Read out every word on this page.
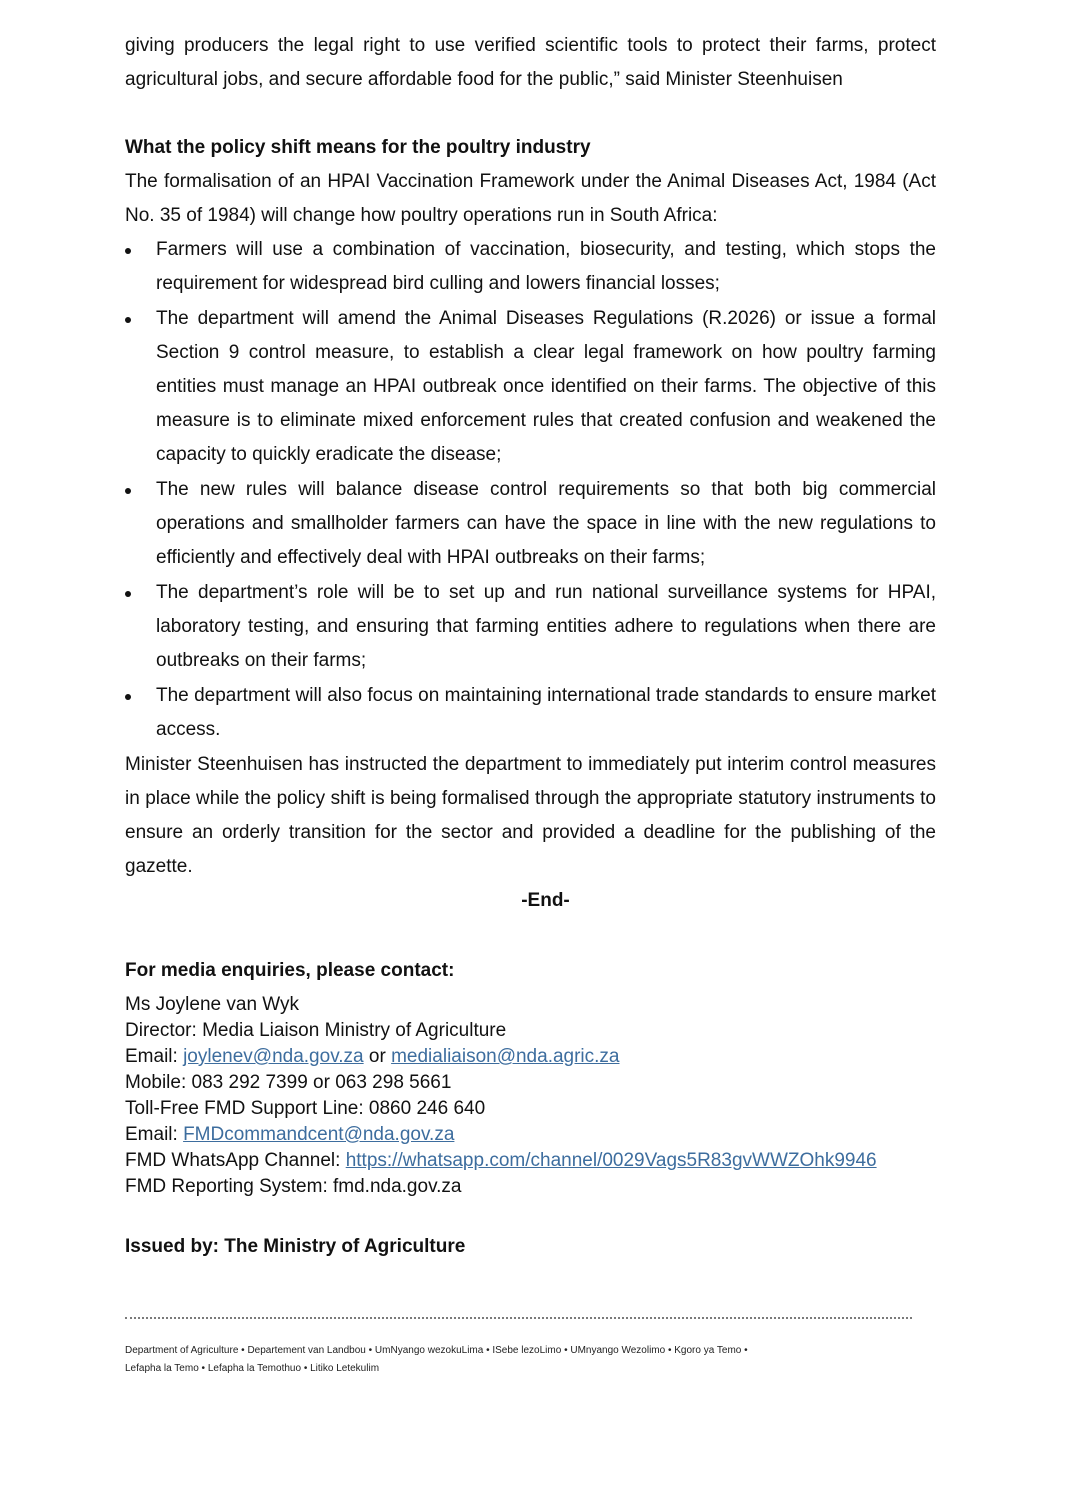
giving producers the legal right to use verified scientific tools to protect their farms, protect agricultural jobs, and secure affordable food for the public,” said Minister Steenhuisen

What the policy shift means for the poultry industry

The formalisation of an HPAI Vaccination Framework under the Animal Diseases Act, 1984 (Act No. 35 of 1984) will change how poultry operations run in South Africa:

Farmers will use a combination of vaccination, biosecurity, and testing, which stops the requirement for widespread bird culling and lowers financial losses;
The department will amend the Animal Diseases Regulations (R.2026) or issue a formal Section 9 control measure, to establish a clear legal framework on how poultry farming entities must manage an HPAI outbreak once identified on their farms. The objective of this measure is to eliminate mixed enforcement rules that created confusion and weakened the capacity to quickly eradicate the disease;
The new rules will balance disease control requirements so that both big commercial operations and smallholder farmers can have the space in line with the new regulations to efficiently and effectively deal with HPAI outbreaks on their farms;
The department’s role will be to set up and run national surveillance systems for HPAI, laboratory testing, and ensuring that farming entities adhere to regulations when there are outbreaks on their farms;
The department will also focus on maintaining international trade standards to ensure market access.

Minister Steenhuisen has instructed the department to immediately put interim control measures in place while the policy shift is being formalised through the appropriate statutory instruments to ensure an orderly transition for the sector and provided a deadline for the publishing of the gazette.

-End-

For media enquiries, please contact:
Ms Joylene van Wyk
Director: Media Liaison Ministry of Agriculture
Email: joylenev@nda.gov.za or medialiaison@nda.agric.za
Mobile: 083 292 7399 or 063 298 5661
Toll-Free FMD Support Line: 0860 246 640
Email: FMDcommandcent@nda.gov.za
FMD WhatsApp Channel: https://whatsapp.com/channel/0029Vags5R83gvWWZOhk9946
FMD Reporting System: fmd.nda.gov.za
Issued by: The Ministry of Agriculture
Department of Agriculture • Departement van Landbou • UmNyango wezokuLima • ISebe lezoLimo • UMnyango Wezolimo • Kgoro ya Temo •
Lefapha la Temo • Lefapha la Temothuo • Litiko Letekulim
